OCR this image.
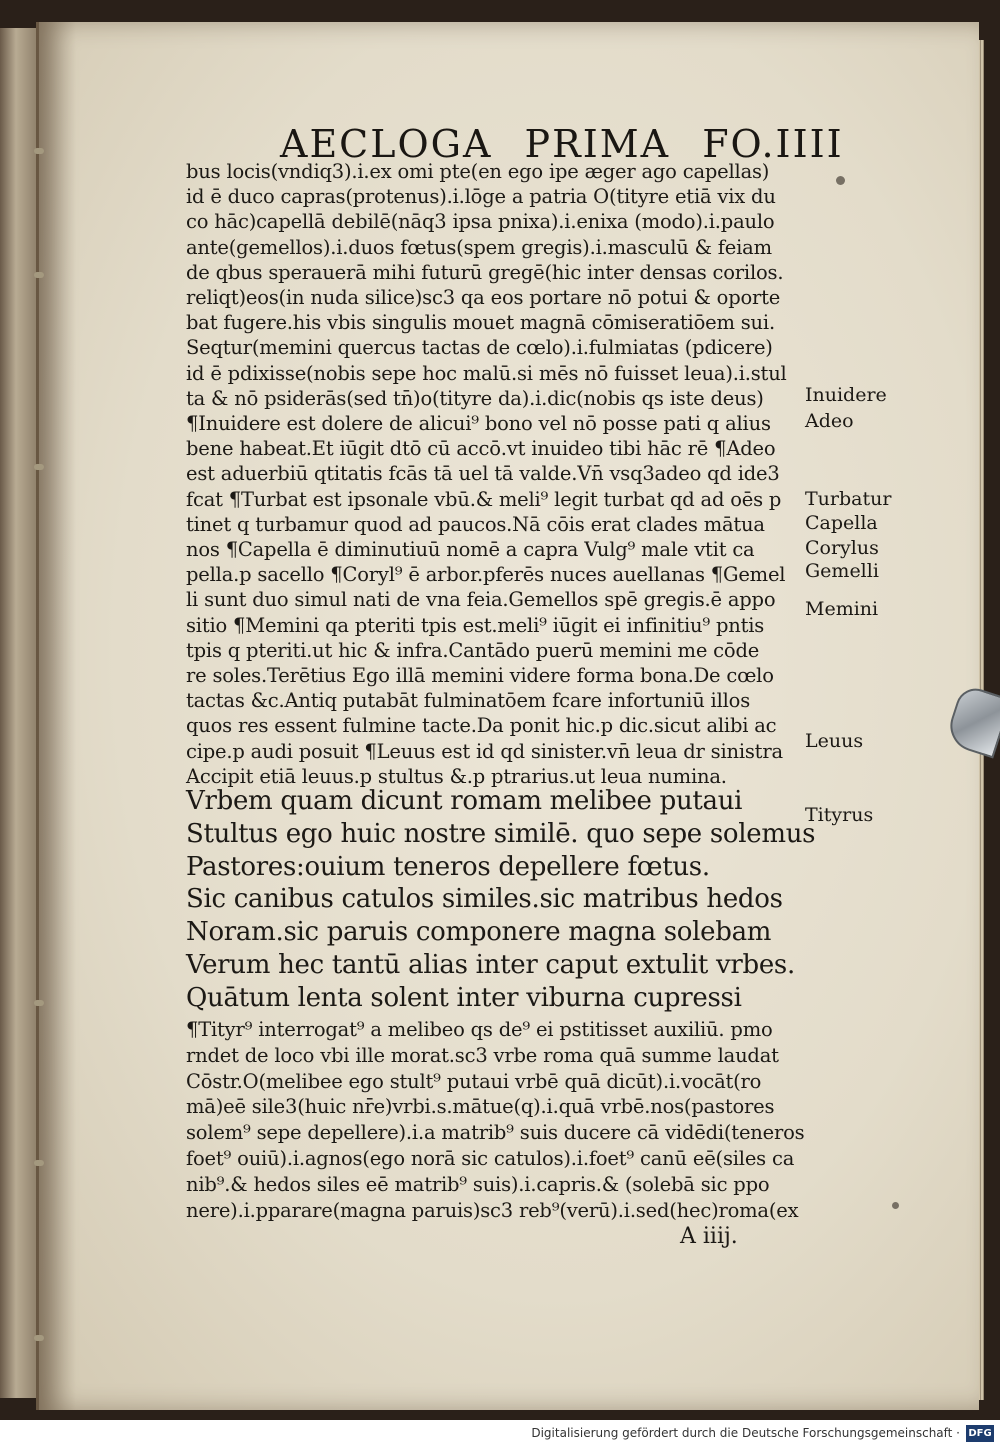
AECLOGA PRIMA FO.IIII
bus locis(vndiq3).i.ex omi pte(en ego ipe æger ago capellas)
id ē duco capras(protenus).i.lōge a patria O(tityre etiā vix du
co hāc)capellā debilē(nāq3 ipsa pnixa).i.enixa (modo).i.paulo
ante(gemellos).i.duos fœtus(spem gregis).i.masculū & feiam
de qbus sperauerā mihi futurū gregē(hic inter densas corilos.
reliqt)eos(in nuda silice)sc3 qa eos portare nō potui & oporte
bat fugere.his vbis singulis mouet magnā cōmiseratiōem sui.
Seqtur(memini quercus tactas de cœlo).i.fulmiatas (pdicere)
id ē pdixisse(nobis sepe hoc malū.si mēs nō fuisset leua).i.stul
ta & nō psiderās(sed tn̄)o(tityre da).i.dic(nobis qs iste deus)
¶Inuidere est dolere de alicui⁹ bono vel nō posse pati q alius
bene habeat.Et iūgit dtō cū accō.vt inuideo tibi hāc rē ¶Adeo
est aduerbiū qtitatis fcās tā uel tā valde.Vn̄ vsq3adeo qd ide3
fcat ¶Turbat est ipsonale vbū.& meli⁹ legit turbat qd ad oēs p
tinet q turbamur quod ad paucos.Nā cōis erat clades mātua
nos ¶Capella ē diminutiuū nomē a capra Vulg⁹ male vtit ca
pella.p sacello ¶Coryl⁹ ē arbor.pferēs nuces auellanas ¶Gemel
li sunt duo simul nati de vna feia.Gemellos spē gregis.ē appo
sitio ¶Memini qa pteriti tpis est.meli⁹ iūgit ei infinitiu⁹ pntis
tpis q pteriti.ut hic & infra.Cantādo puerū memini me cōde
re soles.Terētius Ego illā memini videre forma bona.De cœlo
tactas &c.Antiq putabāt fulminatōem fcare infortuniū illos
quos res essent fulmine tacte.Da ponit hic.p dic.sicut alibi ac
cipe.p audi posuit ¶Leuus est id qd sinister.vn̄ leua dr sinistra
Accipit etiā leuus.p stultus &.p ptrarius.ut leua numina.
Vrbem quam dicunt romam melibee putaui
Stultus ego huic nostre similē. quo sepe solemus
Pastores:ouium teneros depellere fœtus.
Sic canibus catulos similes.sic matribus hedos
Noram.sic paruis componere magna solebam
Verum hec tantū alias inter caput extulit vrbes.
Quātum lenta solent inter viburna cupressi
¶Tityr⁹ interrogat⁹ a melibeo qs de⁹ ei pstitisset auxiliū. pmo
rndet de loco vbi ille morat.sc3 vrbe roma quā summe laudat
Cōstr.O(melibee ego stult⁹ putaui vrbē quā dicūt).i.vocāt(ro
mā)eē sile3(huic nr̄e)vrbi.s.mātue(q).i.quā vrbē.nos(pastores
solem⁹ sepe depellere).i.a matrib⁹ suis ducere cā vidēdi(teneros
foet⁹ ouiū).i.agnos(ego norā sic catulos).i.foet⁹ canū eē(siles ca
nib⁹.& hedos siles eē matrib⁹ suis).i.capris.& (solebā sic ppo
nere).i.pparare(magna paruis)sc3 reb⁹(verū).i.sed(hec)roma(ex
Inuidere
Adeo
Turbatur
Capella
Corylus
Gemelli
Memini
Leuus
Tityrus
A iiij.
Digitalisierung gefördert durch die Deutsche Forschungsgemeinschaft · DFG
